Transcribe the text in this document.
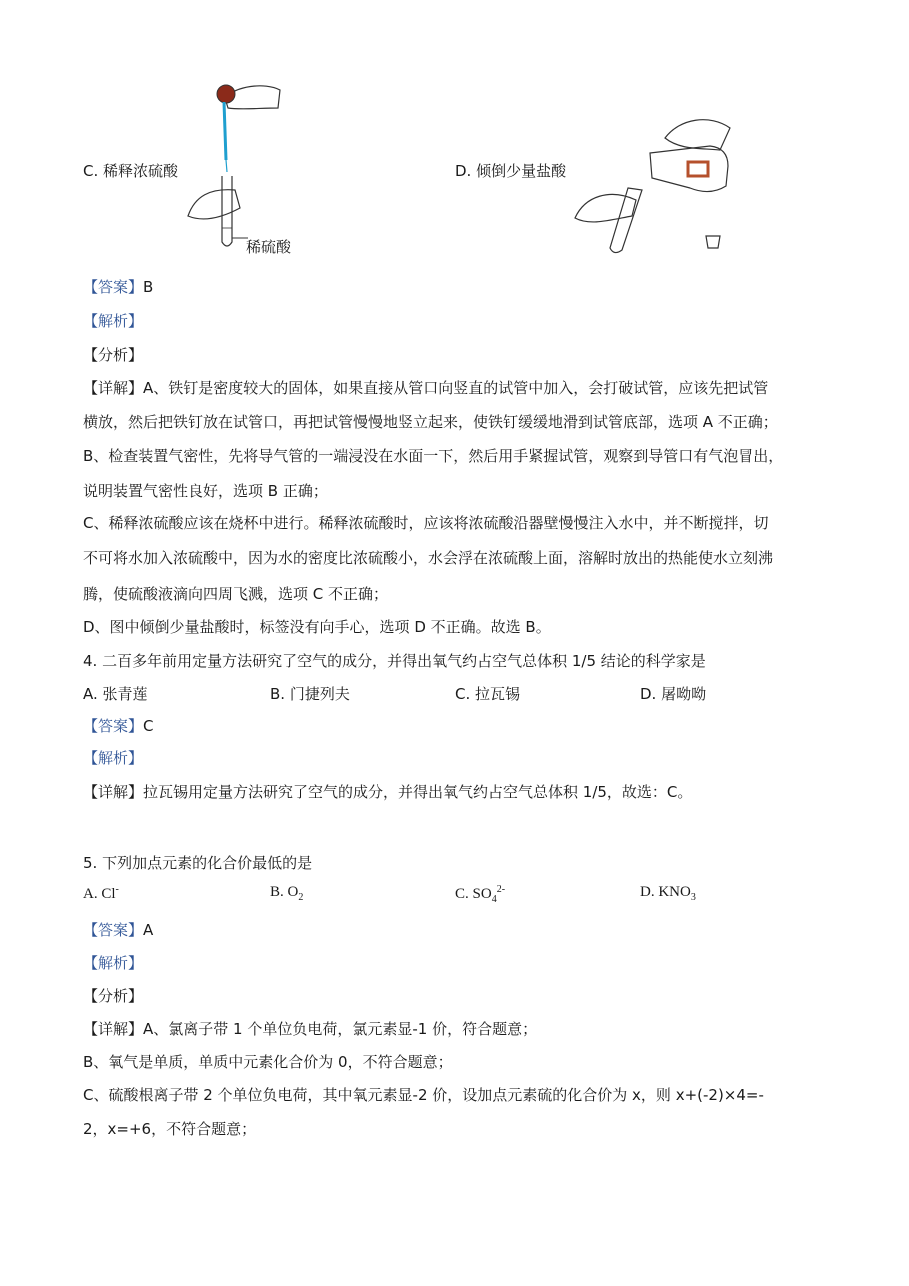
C. 稀释浓硫酸
稀硫酸
D. 倾倒少量盐酸
【答案】B
【解析】
【分析】
【详解】A、铁钉是密度较大的固体，如果直接从管口向竖直的试管中加入，会打破试管，应该先把试管
横放，然后把铁钉放在试管口，再把试管慢慢地竖立起来，使铁钉缓缓地滑到试管底部，选项 A 不正确；
B、检查装置气密性，先将导气管的一端浸没在水面一下，然后用手紧握试管，观察到导管口有气泡冒出，
说明装置气密性良好，选项 B 正确；
C、稀释浓硫酸应该在烧杯中进行。稀释浓硫酸时，应该将浓硫酸沿器壁慢慢注入水中，并不断搅拌，切
不可将水加入浓硫酸中，因为水的密度比浓硫酸小，水会浮在浓硫酸上面，溶解时放出的热能使水立刻沸
腾，使硫酸液滴向四周飞溅，选项 C 不正确；
D、图中倾倒少量盐酸时，标签没有向手心，选项 D 不正确。故选 B。
4. 二百多年前用定量方法研究了空气的成分，并得出氧气约占空气总体积 1/5 结论的科学家是
A. 张青莲	B. 门捷列夫	C. 拉瓦锡	D. 屠呦呦
【答案】C
【解析】
【详解】拉瓦锡用定量方法研究了空气的成分，并得出氧气约占空气总体积 1/5，故选：C。
5. 下列加点元素的化合价最低的是
A. Cl-	B. $O_2$	C. $SO_4^{2-}$	D. $KNO_3$
【答案】A
【解析】
【分析】
【详解】A、氯离子带 1 个单位负电荷，氯元素显-1 价，符合题意；
B、氧气是单质，单质中元素化合价为 0，不符合题意；
C、硫酸根离子带 2 个单位负电荷，其中氧元素显-2 价，设加点元素硫的化合价为 x，则 x+(-2)×4=-
2，x=+6，不符合题意；
